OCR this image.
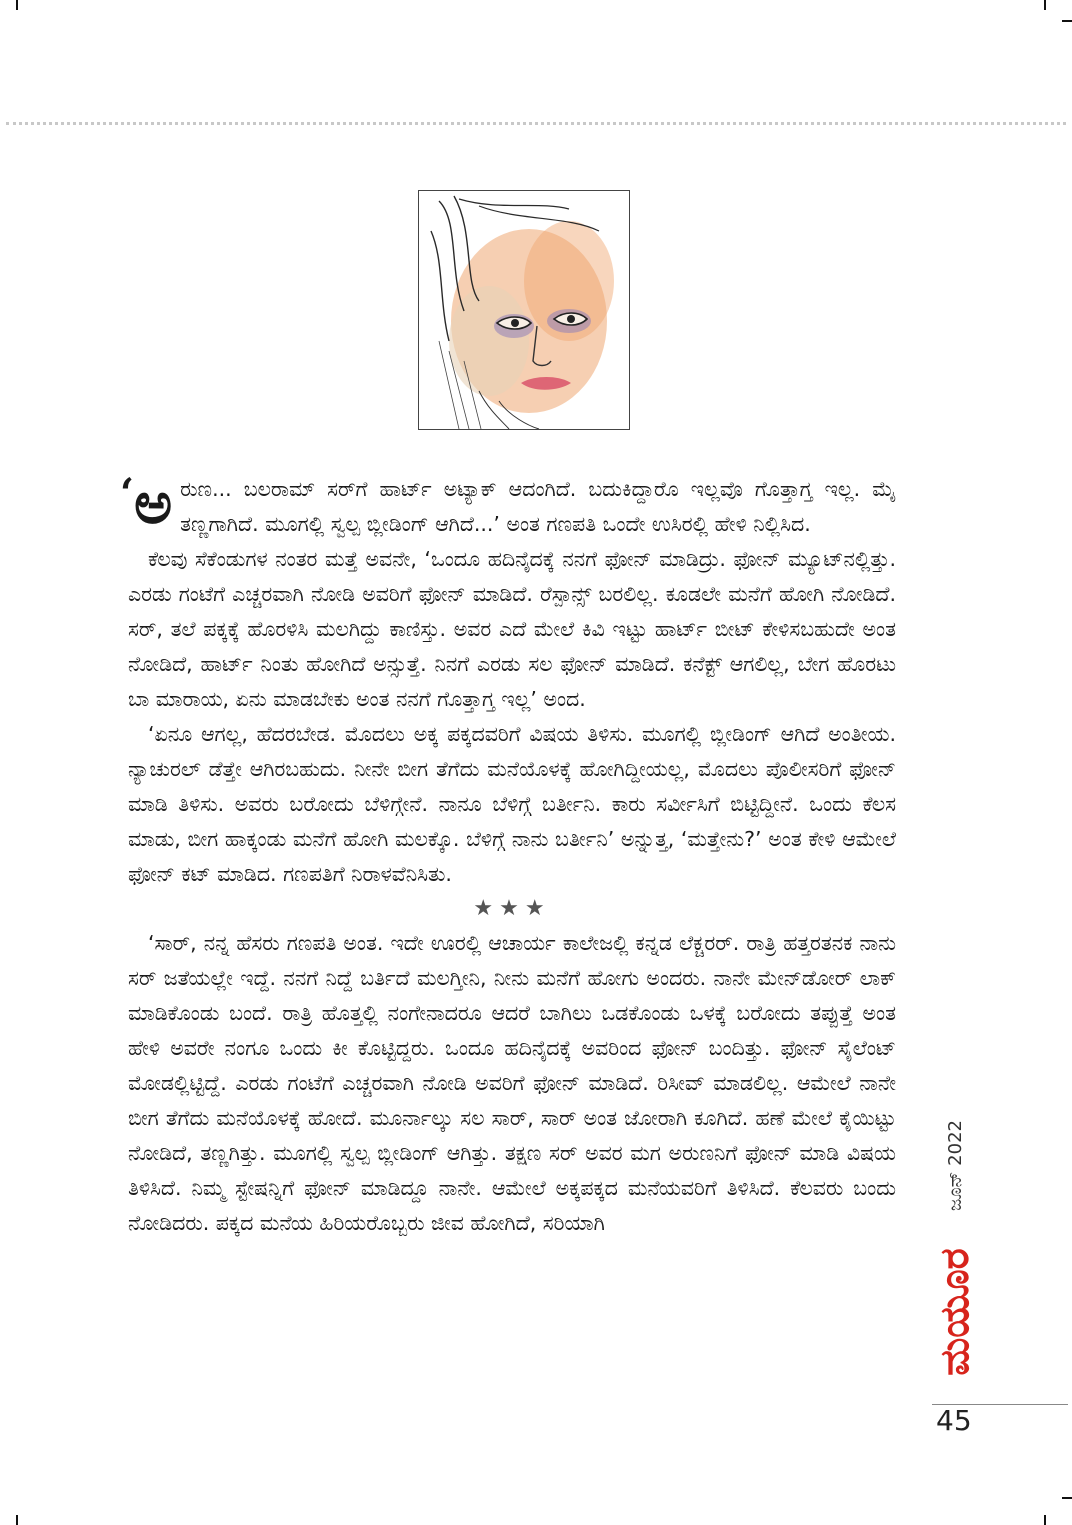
‘ ಅ ರುಣ... ಬಲರಾಮ್ ಸರ್‌ಗೆ ಹಾರ್ಟ್ ಅಟ್ಯಾಕ್ ಆದಂಗಿದೆ. ಬದುಕಿದ್ದಾರೊ ಇಲ್ಲವೊ ಗೊತ್ತಾಗ್ತ ಇಲ್ಲ. ಮೈ ತಣ್ಣಗಾಗಿದೆ. ಮೂಗಲ್ಲಿ ಸ್ವಲ್ಪ ಬ್ಲೀಡಿಂಗ್ ಆಗಿದೆ...’ ಅಂತ ಗಣಪತಿ ಒಂದೇ ಉಸಿರಲ್ಲಿ ಹೇಳಿ ನಿಲ್ಲಿಸಿದ.

ಕೆಲವು ಸೆಕೆಂಡುಗಳ ನಂತರ ಮತ್ತೆ ಅವನೇ, ‘ಒಂದೂ ಹದಿನೈದಕ್ಕೆ ನನಗೆ ಫೋನ್ ಮಾಡಿದ್ರು. ಫೋನ್ ಮ್ಯೂಟ್‌ನಲ್ಲಿತ್ತು. ಎರಡು ಗಂಟೆಗೆ ಎಚ್ಚರವಾಗಿ ನೋಡಿ ಅವರಿಗೆ ಫೋನ್ ಮಾಡಿದೆ. ರೆಸ್ಪಾನ್ಸ್ ಬರಲಿಲ್ಲ. ಕೂಡಲೇ ಮನೆಗೆ ಹೋಗಿ ನೋಡಿದೆ. ಸರ್, ತಲೆ ಪಕ್ಕಕ್ಕೆ ಹೊರಳಿಸಿ ಮಲಗಿದ್ದು ಕಾಣಿಸ್ತು. ಅವರ ಎದೆ ಮೇಲೆ ಕಿವಿ ಇಟ್ಟು ಹಾರ್ಟ್ ಬೀಟ್ ಕೇಳಿಸಬಹುದೇ ಅಂತ ನೋಡಿದೆ, ಹಾರ್ಟ್ ನಿಂತು ಹೋಗಿದೆ ಅನ್ಸುತ್ತೆ. ನಿನಗೆ ಎರಡು ಸಲ ಫೋನ್ ಮಾಡಿದೆ. ಕನೆಕ್ಟ್ ಆಗಲಿಲ್ಲ, ಬೇಗ ಹೊರಟು ಬಾ ಮಾರಾಯ, ಏನು ಮಾಡಬೇಕು ಅಂತ ನನಗೆ ಗೊತ್ತಾಗ್ತ ಇಲ್ಲ’ ಅಂದ.

‘ಏನೂ ಆಗಲ್ಲ, ಹೆದರಬೇಡ. ಮೊದಲು ಅಕ್ಕ ಪಕ್ಕದವರಿಗೆ ವಿಷಯ ತಿಳಿಸು. ಮೂಗಲ್ಲಿ ಬ್ಲೀಡಿಂಗ್ ಆಗಿದೆ ಅಂತೀಯ. ನ್ಯಾಚುರಲ್ ಡೆತ್ತೇ ಆಗಿರಬಹುದು. ನೀನೇ ಬೀಗ ತೆಗೆದು ಮನೆಯೊಳಕ್ಕೆ ಹೋಗಿದ್ದೀಯಲ್ಲ, ಮೊದಲು ಪೊಲೀಸರಿಗೆ ಫೋನ್ ಮಾಡಿ ತಿಳಿಸು. ಅವರು ಬರೋದು ಬೆಳಿಗ್ಗೇನೆ. ನಾನೂ ಬೆಳಿಗ್ಗೆ ಬರ್ತೀನಿ. ಕಾರು ಸರ್ವೀಸಿಗೆ ಬಿಟ್ಟಿದ್ದೀನೆ. ಒಂದು ಕೆಲಸ ಮಾಡು, ಬೀಗ ಹಾಕ್ಕಂಡು ಮನೆಗೆ ಹೋಗಿ ಮಲಕ್ಕೊ. ಬೆಳಿಗ್ಗೆ ನಾನು ಬರ್ತೀನಿ’ ಅನ್ನುತ್ತ, ‘ಮತ್ತೇನು?’ ಅಂತ ಕೇಳಿ ಆಮೇಲೆ ಫೋನ್ ಕಟ್ ಮಾಡಿದ. ಗಣಪತಿಗೆ ನಿರಾಳವೆನಿಸಿತು.

★★★

‘ಸಾರ್, ನನ್ನ ಹೆಸರು ಗಣಪತಿ ಅಂತ. ಇದೇ ಊರಲ್ಲಿ ಆಚಾರ್ಯ ಕಾಲೇಜಲ್ಲಿ ಕನ್ನಡ ಲೆಕ್ಚರರ್. ರಾತ್ರಿ ಹತ್ತರತನಕ ನಾನು ಸರ್ ಜತೆಯಲ್ಲೇ ಇದ್ದೆ. ನನಗೆ ನಿದ್ದೆ ಬರ್ತಿದೆ ಮಲಗ್ತೀನಿ, ನೀನು ಮನೆಗೆ ಹೋಗು ಅಂದರು. ನಾನೇ ಮೇನ್‌ಡೋರ್ ಲಾಕ್ ಮಾಡಿಕೊಂಡು ಬಂದೆ. ರಾತ್ರಿ ಹೊತ್ತಲ್ಲಿ ನಂಗೇನಾದರೂ ಆದರೆ ಬಾಗಿಲು ಒಡಕೊಂಡು ಒಳಕ್ಕೆ ಬರೋದು ತಪ್ಪುತ್ತೆ ಅಂತ ಹೇಳಿ ಅವರೇ ನಂಗೂ ಒಂದು ಕೀ ಕೊಟ್ಟಿದ್ದರು. ಒಂದೂ ಹದಿನೈದಕ್ಕೆ ಅವರಿಂದ ಫೋನ್ ಬಂದಿತ್ತು. ಫೋನ್ ಸೈಲೆಂಟ್ ಮೋಡಲ್ಲಿಟ್ಟಿದ್ದೆ. ಎರಡು ಗಂಟೆಗೆ ಎಚ್ಚರವಾಗಿ ನೋಡಿ ಅವರಿಗೆ ಫೋನ್ ಮಾಡಿದೆ. ರಿಸೀವ್ ಮಾಡಲಿಲ್ಲ. ಆಮೇಲೆ ನಾನೇ ಬೀಗ ತೆಗೆದು ಮನೆಯೊಳಕ್ಕೆ ಹೋದೆ. ಮೂರ್ನಾಲ್ಕು ಸಲ ಸಾರ್, ಸಾರ್ ಅಂತ ಜೋರಾಗಿ ಕೂಗಿದೆ. ಹಣೆ ಮೇಲೆ ಕೈಯಿಟ್ಟು ನೋಡಿದೆ, ತಣ್ಣಗಿತ್ತು. ಮೂಗಲ್ಲಿ ಸ್ವಲ್ಪ ಬ್ಲೀಡಿಂಗ್ ಆಗಿತ್ತು. ತಕ್ಷಣ ಸರ್ ಅವರ ಮಗ ಅರುಣನಿಗೆ ಫೋನ್ ಮಾಡಿ ವಿಷಯ ತಿಳಿಸಿದೆ. ನಿಮ್ಮ ಸ್ಟೇಷನ್ನಿಗೆ ಫೋನ್ ಮಾಡಿದ್ದೂ ನಾನೇ. ಆಮೇಲೆ ಅಕ್ಕಪಕ್ಕದ ಮನೆಯವರಿಗೆ ತಿಳಿಸಿದೆ. ಕೆಲವರು ಬಂದು ನೋಡಿದರು. ಪಕ್ಕದ ಮನೆಯ ಹಿರಿಯರೊಬ್ಬರು ಜೀವ ಹೋಗಿದೆ, ಸರಿಯಾಗಿ

ಜೂನ್ 2022
ಮಯೂರ
45
